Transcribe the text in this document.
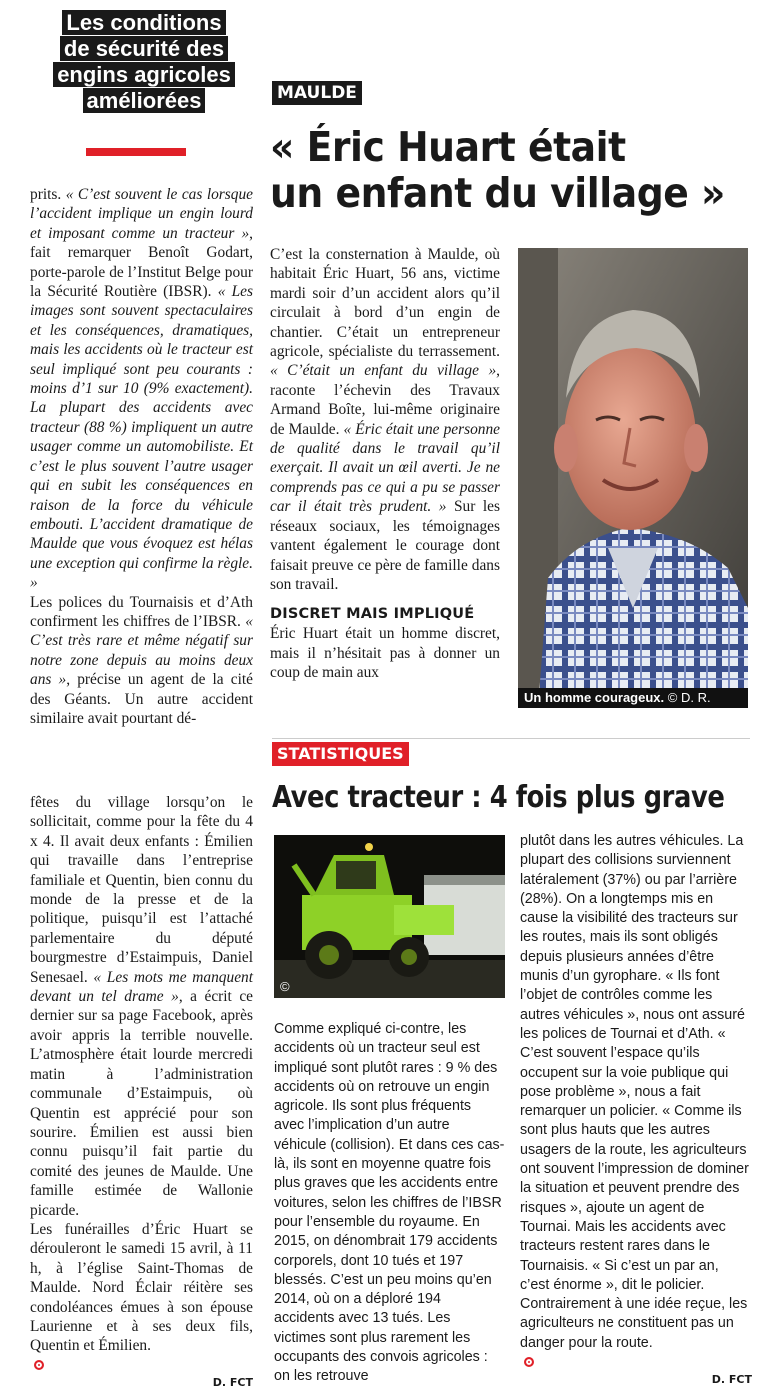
Les conditions
de sécurité des
engins agricoles
améliorées

prits. « C’est souvent le cas lorsque l’accident implique un engin lourd et imposant comme un tracteur », fait remarquer Benoît Godart, porte-parole de l’Institut Belge pour la Sécurité Routière (IBSR). « Les images sont souvent spectaculaires et les conséquences, dramatiques, mais les accidents où le tracteur est seul impliqué sont peu courants : moins d’1 sur 10 (9% exactement). La plupart des accidents avec tracteur (88 %) impliquent un autre usager comme un automobiliste. Et c’est le plus souvent l’autre usager qui en subit les conséquences en raison de la force du véhicule embouti. L’accident dramatique de Maulde que vous évoquez est hélas une exception qui confirme la règle. »

Les polices du Tournaisis et d’Ath confirment les chiffres de l’IBSR. « C’est très rare et même négatif sur notre zone depuis au moins deux ans », précise un agent de la cité des Géants. Un autre accident similaire avait pourtant dé-

MAULDE
« Éric Huart était
un enfant du village »

C’est la consternation à Maulde, où habitait Éric Huart, 56 ans, victime mardi soir d’un accident alors qu’il circulait à bord d’un engin de chantier. C’était un entrepreneur agricole, spécialiste du terrassement. « C’était un enfant du village », raconte l’échevin des Travaux Armand Boîte, lui-même originaire de Maulde. « Éric était une personne de qualité dans le travail qu’il exerçait. Il avait un œil averti. Je ne comprends pas ce qui a pu se passer car il était très prudent. » Sur les réseaux sociaux, les témoignages vantent également le courage dont faisait preuve ce père de famille dans son travail.

DISCRET MAIS IMPLIQUÉ

Éric Huart était un homme discret, mais il n’hésitait pas à donner un coup de main aux

Un homme courageux. © D. R.

fêtes du village lorsqu’on le sollicitait, comme pour la fête du 4 x 4. Il avait deux enfants : Émilien qui travaille dans l’entreprise familiale et Quentin, bien connu du monde de la presse et de la politique, puisqu’il est l’attaché parlementaire du député bourgmestre d’Estaimpuis, Daniel Senesael. « Les mots me manquent devant un tel drame », a écrit ce dernier sur sa page Facebook, après avoir appris la terrible nouvelle. L’atmosphère était lourde mercredi matin à l’administration communale d’Estaimpuis, où Quentin est apprécié pour son sourire. Émilien est aussi bien connu puisqu’il fait partie du comité des jeunes de Maulde. Une famille estimée de Wallonie picarde.

Les funérailles d’Éric Huart se dérouleront le samedi 15 avril, à 11 h, à l’église Saint-Thomas de Maulde. Nord Éclair réitère ses condoléances émues à son épouse Laurienne et à ses deux fils, Quentin et Émilien.

D. FCT
STATISTIQUES
Avec tracteur : 4 fois plus grave
©

Comme expliqué ci-contre, les accidents où un tracteur seul est impliqué sont plutôt rares : 9 % des accidents où on retrouve un engin agricole. Ils sont plus fréquents avec l’implication d’un autre véhicule (collision). Et dans ces cas-là, ils sont en moyenne quatre fois plus graves que les accidents entre voitures, selon les chiffres de l’IBSR pour l’ensemble du royaume. En 2015, on dénombrait 179 accidents corporels, dont 10 tués et 197 blessés. C’est un peu moins qu’en 2014, où on a déploré 194 accidents avec 13 tués. Les victimes sont plus rarement les occupants des convois agricoles : on les retrouve

plutôt dans les autres véhicules. La plupart des collisions surviennent latéralement (37%) ou par l’arrière (28%). On a longtemps mis en cause la visibilité des tracteurs sur les routes, mais ils sont obligés depuis plusieurs années d’être munis d’un gyrophare. « Ils font l’objet de contrôles comme les autres véhicules », nous ont assuré les polices de Tournai et d’Ath. « C’est souvent l’espace qu’ils occupent sur la voie publique qui pose problème », nous a fait remarquer un policier. « Comme ils sont plus hauts que les autres usagers de la route, les agriculteurs ont souvent l’impression de dominer la situation et peuvent prendre des risques », ajoute un agent de Tournai. Mais les accidents avec tracteurs restent rares dans le Tournaisis. « Si c’est un par an, c’est énorme », dit le policier. Contrairement à une idée reçue, les agriculteurs ne constituent pas un danger pour la route.

D. FCT
